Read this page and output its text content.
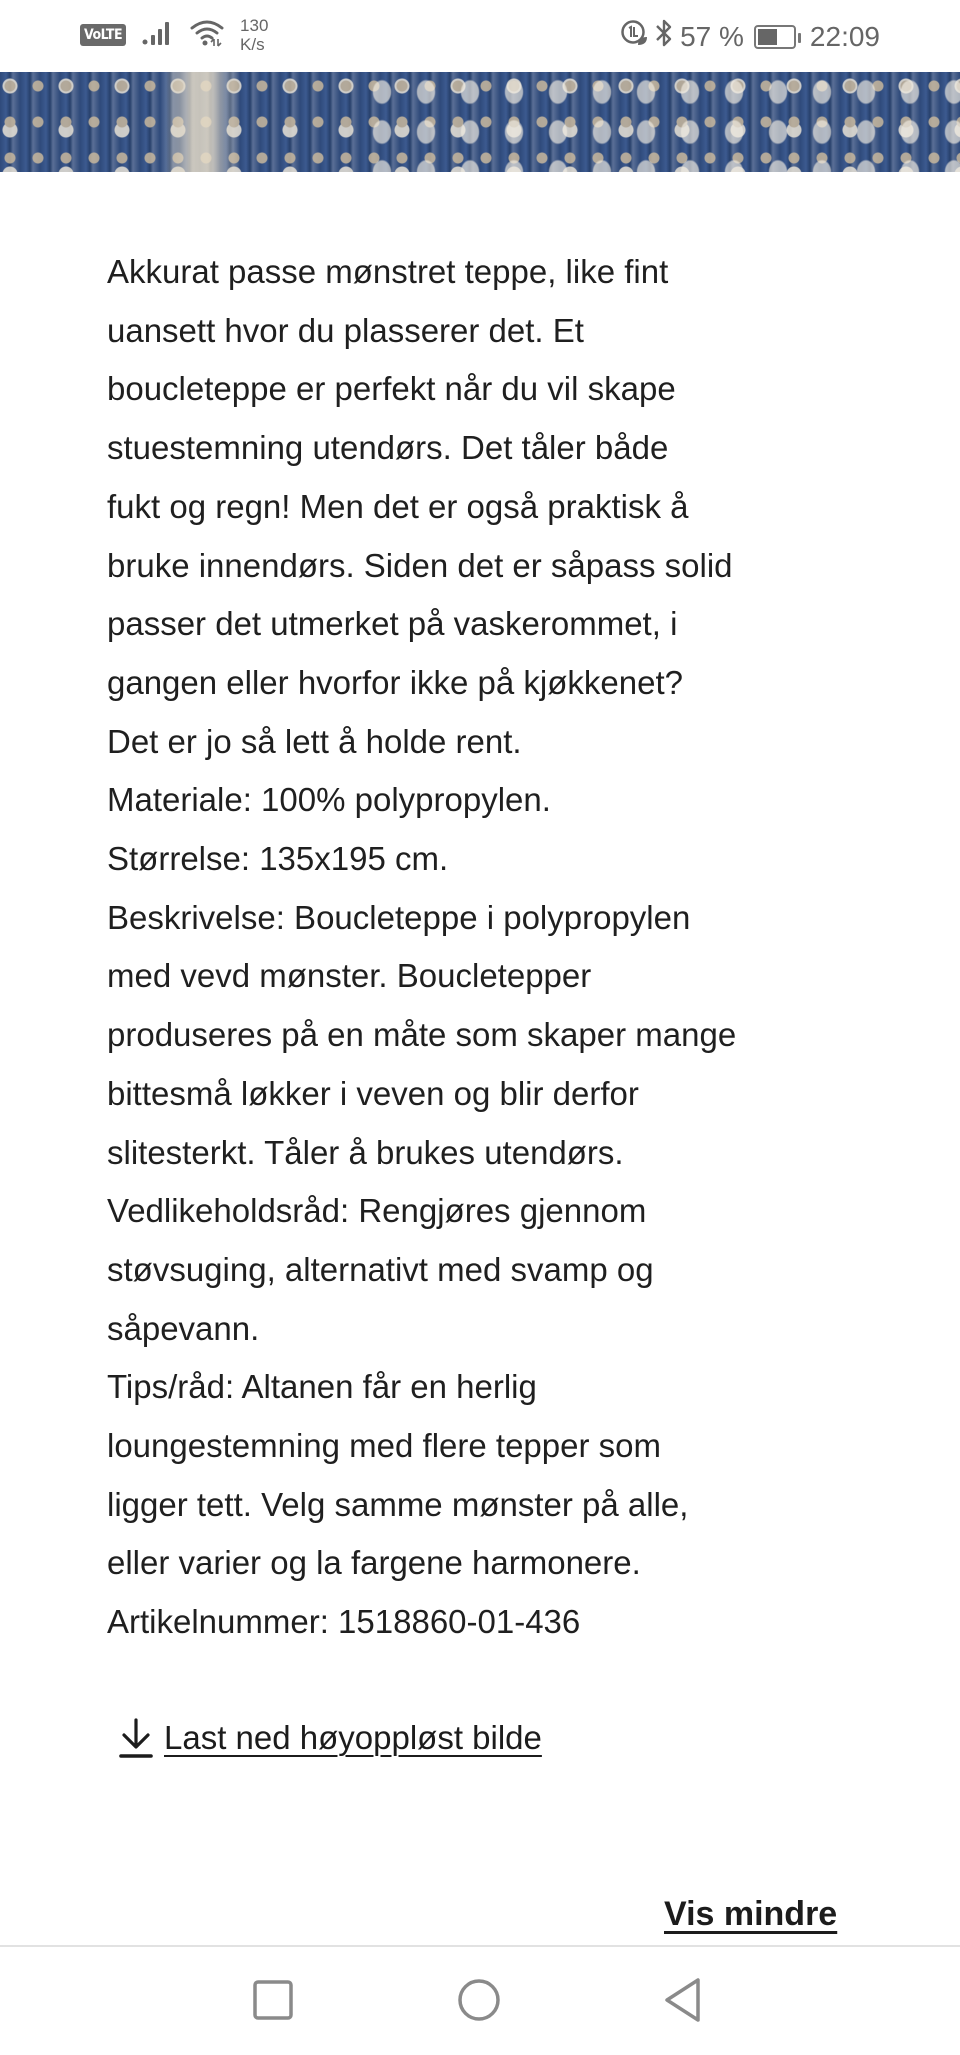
VoLTE	130
K/s	57 % 22:09

Akkurat passe mønstret teppe, like fint

uansett hvor du plasserer det. Et

boucleteppe er perfekt når du vil skape

stuestemning utendørs. Det tåler både

fukt og regn! Men det er også praktisk å

bruke innendørs. Siden det er såpass solid

passer det utmerket på vaskerommet, i

gangen eller hvorfor ikke på kjøkkenet?

Det er jo så lett å holde rent.

Materiale: 100% polypropylen.

Størrelse: 135x195 cm.

Beskrivelse: Boucleteppe i polypropylen

med vevd mønster. Boucletepper

produseres på en måte som skaper mange

bittesmå løkker i veven og blir derfor

slitesterkt. Tåler å brukes utendørs.

Vedlikeholdsråd: Rengjøres gjennom

støvsuging, alternativt med svamp og

såpevann.

Tips/råd: Altanen får en herlig

loungestemning med flere tepper som

ligger tett. Velg samme mønster på alle,

eller varier og la fargene harmonere.

Artikelnummer: 1518860-01-436

Last ned høyoppløst bilde
Vis mindre
